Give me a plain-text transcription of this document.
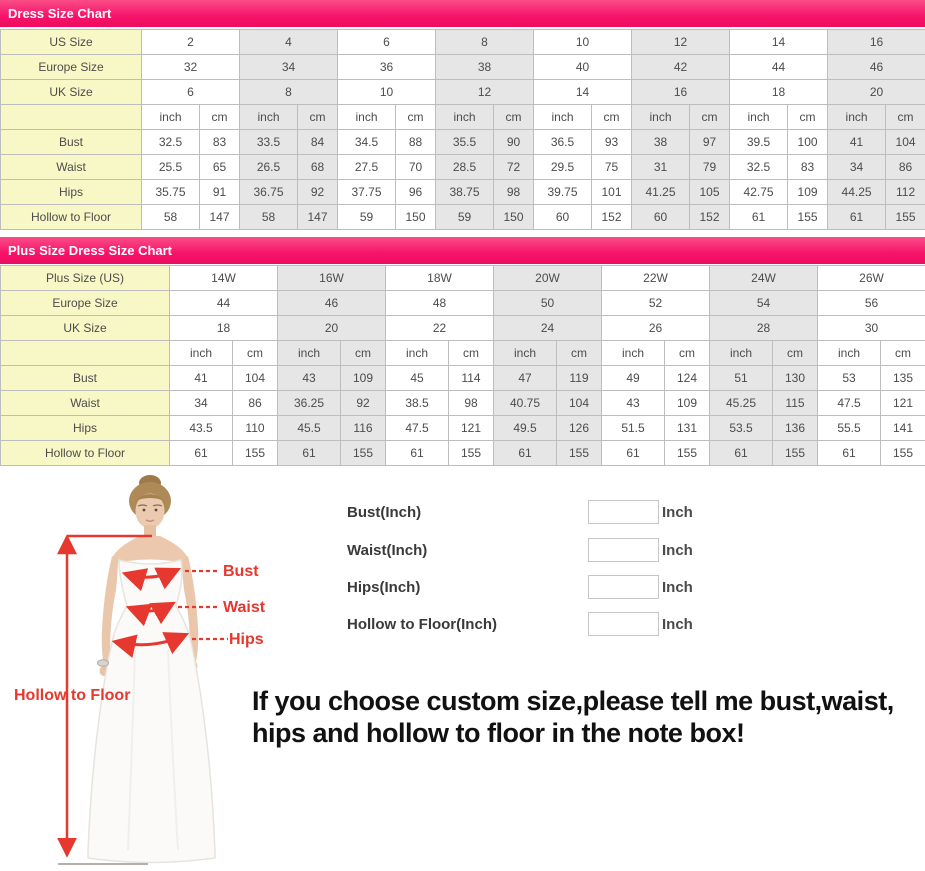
Dress Size Chart
Plus Size Dress Size Chart
US Size	2		4		6		8		10		12		14		16	
Europe Size	32		34		36		38		40		42		44		46	
UK Size	6		8		10		12		14		16		18		20	
	inch	cm	inch	cm	inch	cm	inch	cm	inch	cm	inch	cm	inch	cm	inch	cm
Bust	32.5	83	33.5	84	34.5	88	35.5	90	36.5	93	38	97	39.5	100	41	104
Waist	25.5	65	26.5	68	27.5	70	28.5	72	29.5	75	31	79	32.5	83	34	86
Hips	35.75	91	36.75	92	37.75	96	38.75	98	39.75	101	41.25	105	42.75	109	44.25	112
Hollow to Floor	58	147	58	147	59	150	59	150	60	152	60	152	61	155	61	155
Plus Size (US)	14W		16W		18W		20W		22W		24W		26W	
Europe Size	44		46		48		50		52		54		56	
UK Size	18		20		22		24		26		28		30	
	inch	cm	inch	cm	inch	cm	inch	cm	inch	cm	inch	cm	inch	cm
Bust	41	104	43	109	45	114	47	119	49	124	51	130	53	135
Waist	34	86	36.25	92	38.5	98	40.75	104	43	109	45.25	115	47.5	121
Hips	43.5	110	45.5	116	47.5	121	49.5	126	51.5	131	53.5	136	55.5	141
Hollow to Floor	61	155	61	155	61	155	61	155	61	155	61	155	61	155
Bust
Waist
Hips
Hollow to Floor
Bust(Inch)	Inch
Waist(Inch)	Inch
Hips(Inch)	Inch
Hollow to Floor(Inch)	Inch
If you choose custom size,please tell me bust,waist,
hips and hollow to floor in the note box!
